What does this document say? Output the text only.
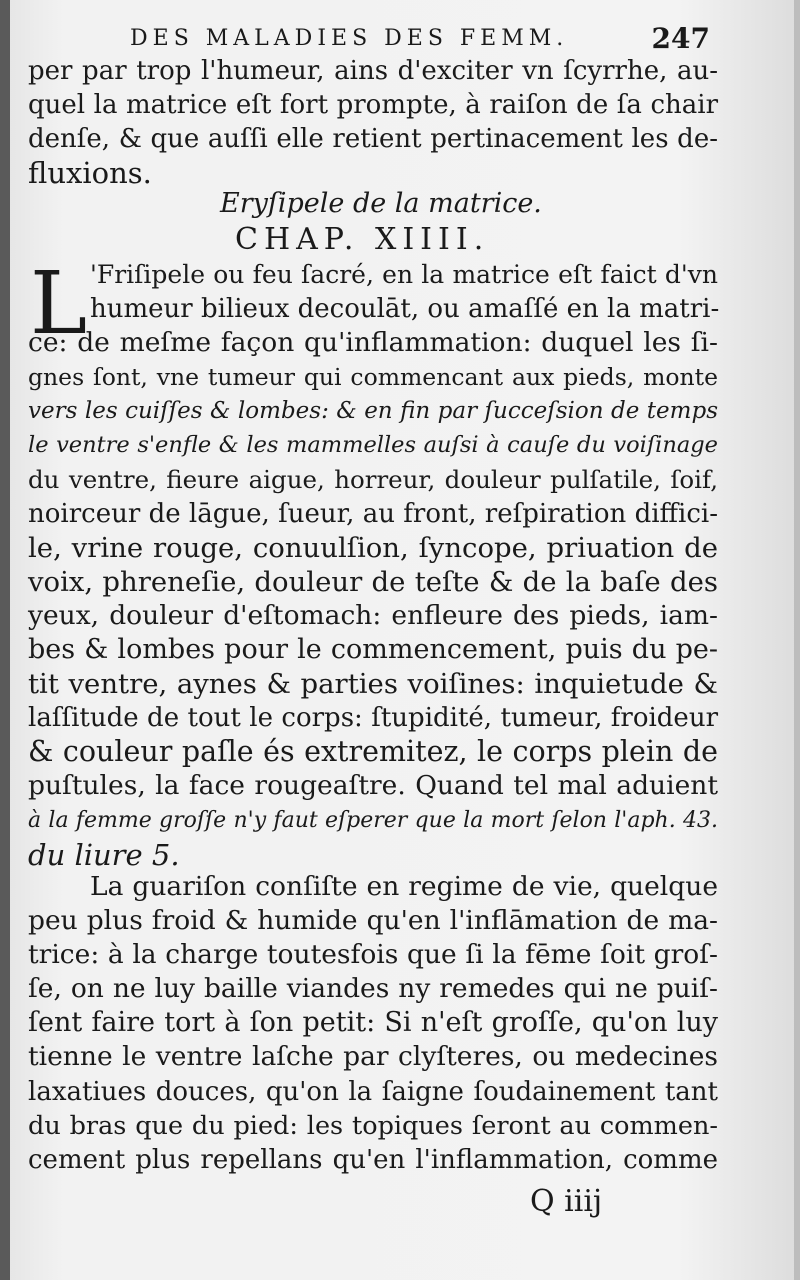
DES MALADIES DES FEMM.	247
per par trop l'humeur, ains d'exciter vn ſcyrrhe, au-
quel la matrice eſt fort prompte, à raiſon de ſa chair
denſe, & que auſſi elle retient pertinacement les de-
fluxions.
Eryſipele de la matrice.
CHAP. XIIII.
L 'Friſipele ou feu ſacré, en la matrice eſt faict d'vn
humeur bilieux decoulāt, ou amaſſé en la matri-
ce: de meſme façon qu'inflammation: duquel les ſi-
gnes ſont, vne tumeur qui commencant aux pieds, monte
vers les cuiſſes & lombes: & en fin par ſucceſsion de temps
le ventre s'enfle & les mammelles auſsi à cauſe du voiſinage
du ventre, fieure aigue, horreur, douleur pulſatile, ſoif,
noirceur de lāgue, ſueur, au front, reſpiration diffici-
le, vrine rouge, conuulſion, ſyncope, priuation de
voix, phreneſie, douleur de teſte & de la baſe des
yeux, douleur d'eſtomach: enfleure des pieds, iam-
bes & lombes pour le commencement, puis du pe-
tit ventre, aynes & parties voiſines: inquietude &
laſſitude de tout le corps: ſtupidité, tumeur, froideur
& couleur paſle és extremitez, le corps plein de
puſtules, la face rougeaſtre. Quand tel mal aduient
à la femme groſſe n'y faut eſperer que la mort ſelon l'aph. 43.
du liure 5.
La guariſon conſiſte en regime de vie, quelque
peu plus froid & humide qu'en l'inflāmation de ma-
trice: à la charge toutesfois que ſi la fēme ſoit groſ-
ſe, on ne luy baille viandes ny remedes qui ne puiſ-
ſent faire tort à ſon petit: Si n'eſt groſſe, qu'on luy
tienne le ventre laſche par clyſteres, ou medecines
laxatiues douces, qu'on la ſaigne ſoudainement tant
du bras que du pied: les topiques ſeront au commen-
cement plus repellans qu'en l'inflammation, comme
Q iiij
